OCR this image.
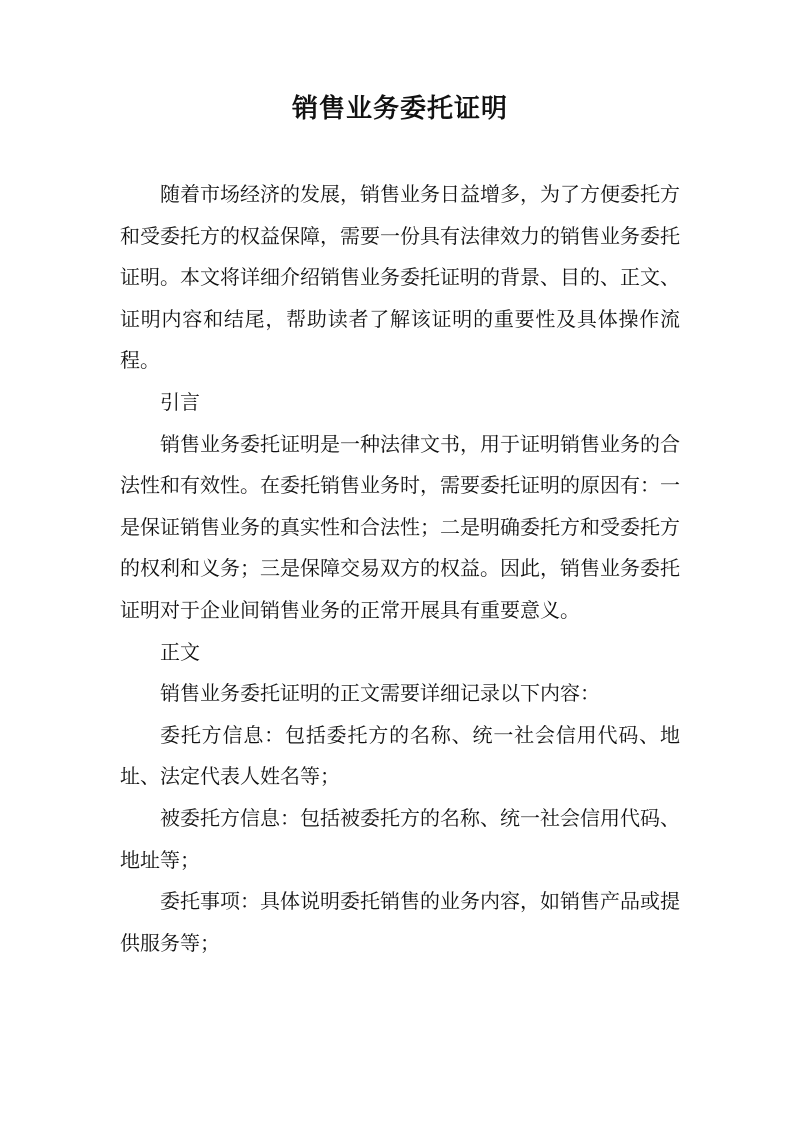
销售业务委托证明

随着市场经济的发展，销售业务日益增多，为了方便委托方和受委托方的权益保障，需要一份具有法律效力的销售业务委托证明。本文将详细介绍销售业务委托证明的背景、目的、正文、证明内容和结尾，帮助读者了解该证明的重要性及具体操作流程。

引言

销售业务委托证明是一种法律文书，用于证明销售业务的合法性和有效性。在委托销售业务时，需要委托证明的原因有：一是保证销售业务的真实性和合法性；二是明确委托方和受委托方的权利和义务；三是保障交易双方的权益。因此，销售业务委托证明对于企业间销售业务的正常开展具有重要意义。

正文

销售业务委托证明的正文需要详细记录以下内容：

委托方信息：包括委托方的名称、统一社会信用代码、地址、法定代表人姓名等；

被委托方信息：包括被委托方的名称、统一社会信用代码、地址等；

委托事项：具体说明委托销售的业务内容，如销售产品或提供服务等；
